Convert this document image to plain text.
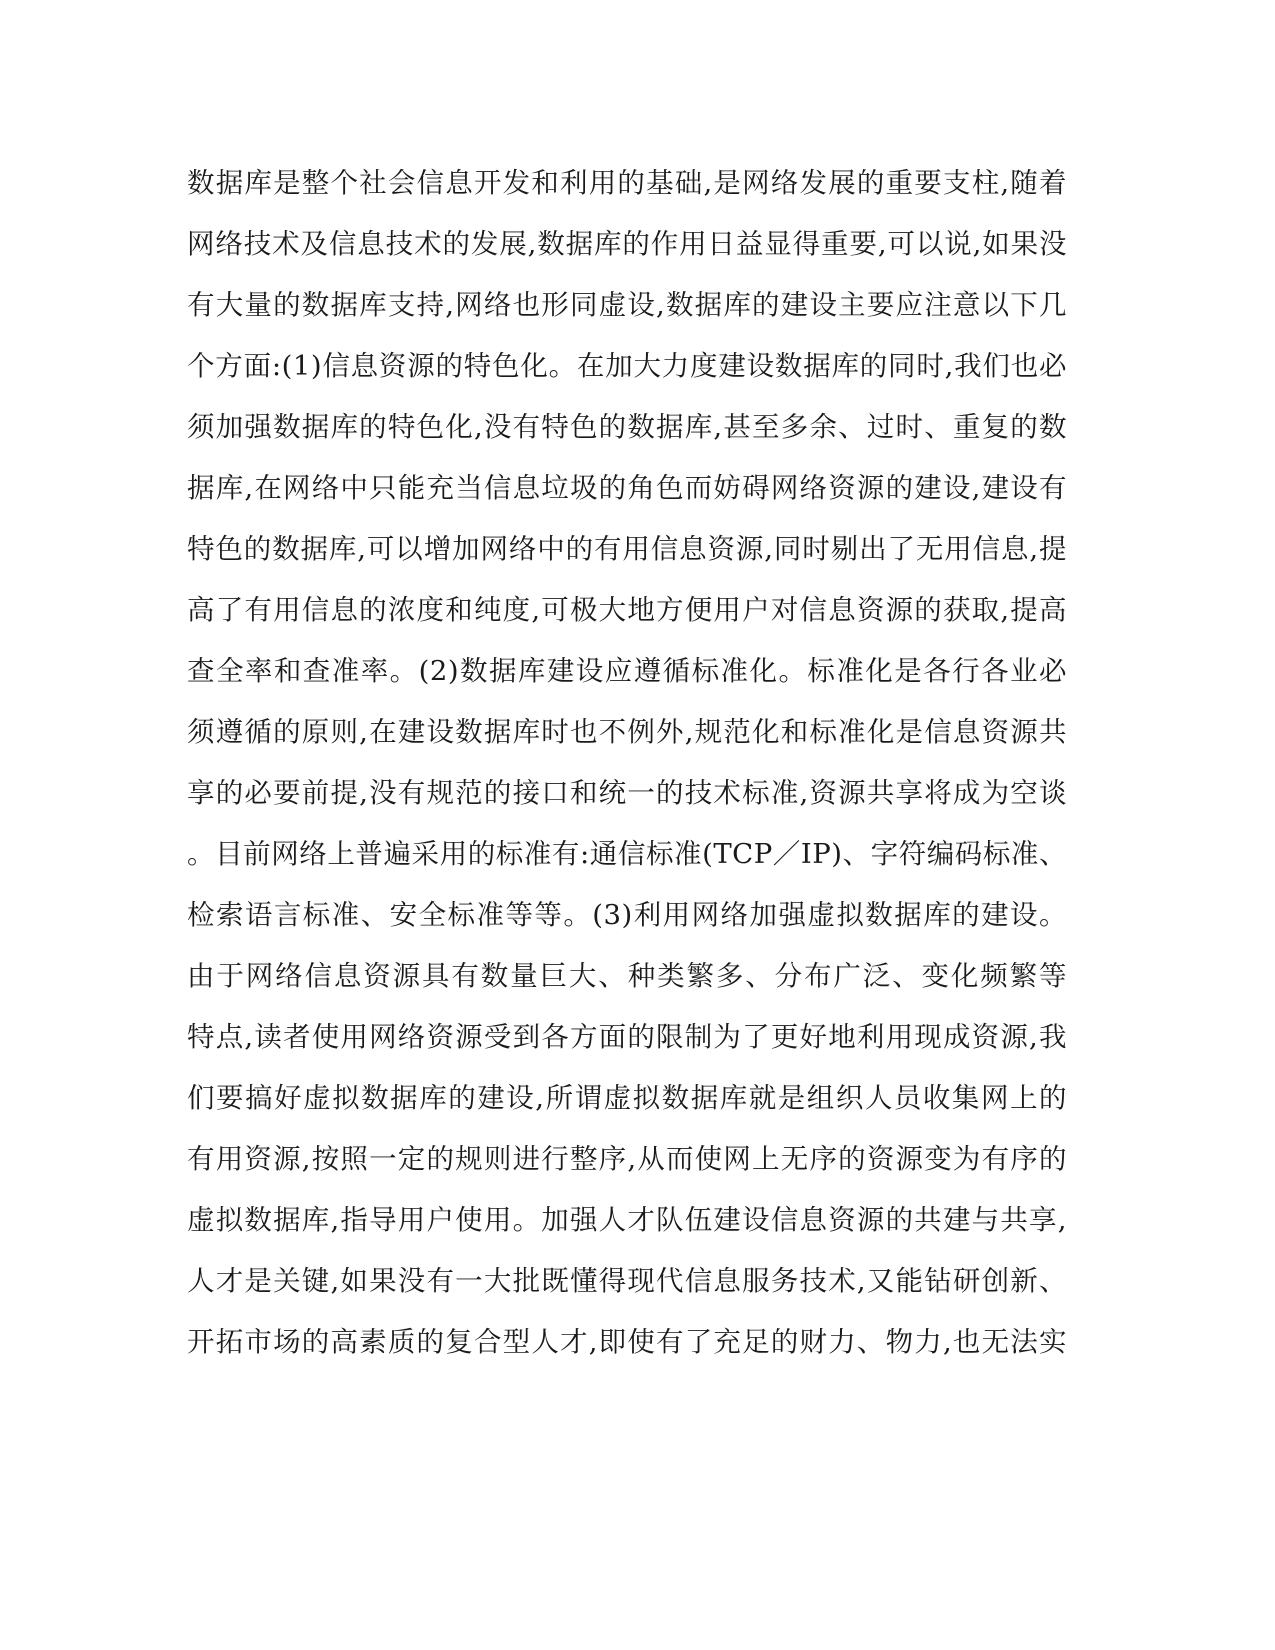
数据库是整个社会信息开发和利用的基础,是网络发展的重要支柱,随着
网络技术及信息技术的发展,数据库的作用日益显得重要,可以说,如果没
有大量的数据库支持,网络也形同虚设,数据库的建设主要应注意以下几
个方面:(1)信息资源的特色化。在加大力度建设数据库的同时,我们也必
须加强数据库的特色化,没有特色的数据库,甚至多余、过时、重复的数
据库,在网络中只能充当信息垃圾的角色而妨碍网络资源的建设,建设有
特色的数据库,可以增加网络中的有用信息资源,同时剔出了无用信息,提
高了有用信息的浓度和纯度,可极大地方便用户对信息资源的获取,提高
查全率和查准率。(2)数据库建设应遵循标准化。标准化是各行各业必
须遵循的原则,在建设数据库时也不例外,规范化和标准化是信息资源共
享的必要前提,没有规范的接口和统一的技术标准,资源共享将成为空谈
。目前网络上普遍采用的标准有:通信标准(TCP／IP)、字符编码标准、
检索语言标准、安全标准等等。(3)利用网络加强虚拟数据库的建设。
由于网络信息资源具有数量巨大、种类繁多、分布广泛、变化频繁等
特点,读者使用网络资源受到各方面的限制为了更好地利用现成资源,我
们要搞好虚拟数据库的建设,所谓虚拟数据库就是组织人员收集网上的
有用资源,按照一定的规则进行整序,从而使网上无序的资源变为有序的
虚拟数据库,指导用户使用。加强人才队伍建设信息资源的共建与共享,
人才是关键,如果没有一大批既懂得现代信息服务技术,又能钻研创新、
开拓市场的高素质的复合型人才,即使有了充足的财力、物力,也无法实
